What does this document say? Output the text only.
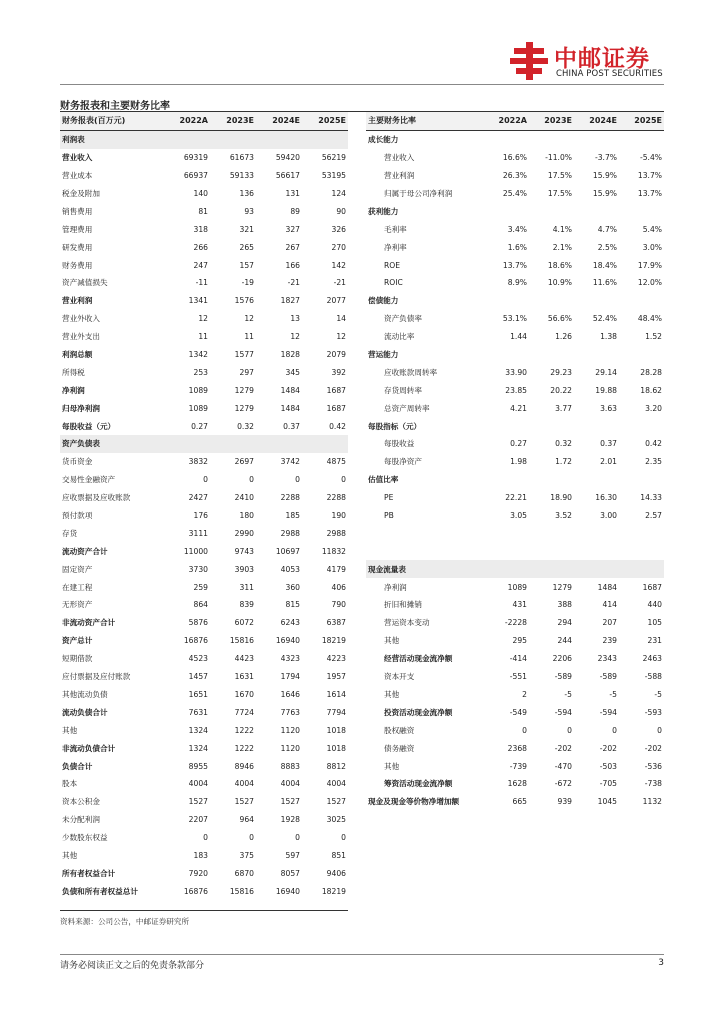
中邮证券
CHINA POST SECURITIES
财务报表和主要财务比率
财务报表(百万元)	2022A	2023E	2024E	2025E
利润表				
营业收入	69319	61673	59420	56219
营业成本	66937	59133	56617	53195
税金及附加	140	136	131	124
销售费用	81	93	89	90
管理费用	318	321	327	326
研发费用	266	265	267	270
财务费用	247	157	166	142
资产减值损失	-11	-19	-21	-21
营业利润	1341	1576	1827	2077
营业外收入	12	12	13	14
营业外支出	11	11	12	12
利润总额	1342	1577	1828	2079
所得税	253	297	345	392
净利润	1089	1279	1484	1687
归母净利润	1089	1279	1484	1687
每股收益（元）	0.27	0.32	0.37	0.42
资产负债表				
货币资金	3832	2697	3742	4875
交易性金融资产	0	0	0	0
应收票据及应收账款	2427	2410	2288	2288
预付款项	176	180	185	190
存货	3111	2990	2988	2988
流动资产合计	11000	9743	10697	11832
固定资产	3730	3903	4053	4179
在建工程	259	311	360	406
无形资产	864	839	815	790
非流动资产合计	5876	6072	6243	6387
资产总计	16876	15816	16940	18219
短期借款	4523	4423	4323	4223
应付票据及应付账款	1457	1631	1794	1957
其他流动负债	1651	1670	1646	1614
流动负债合计	7631	7724	7763	7794
其他	1324	1222	1120	1018
非流动负债合计	1324	1222	1120	1018
负债合计	8955	8946	8883	8812
股本	4004	4004	4004	4004
资本公积金	1527	1527	1527	1527
未分配利润	2207	964	1928	3025
少数股东权益	0	0	0	0
其他	183	375	597	851
所有者权益合计	7920	6870	8057	9406
负债和所有者权益总计	16876	15816	16940	18219
主要财务比率	2022A	2023E	2024E	2025E
成长能力				
营业收入	16.6%	-11.0%	-3.7%	-5.4%
营业利润	26.3%	17.5%	15.9%	13.7%
归属于母公司净利润	25.4%	17.5%	15.9%	13.7%
获利能力				
毛利率	3.4%	4.1%	4.7%	5.4%
净利率	1.6%	2.1%	2.5%	3.0%
ROE	13.7%	18.6%	18.4%	17.9%
ROIC	8.9%	10.9%	11.6%	12.0%
偿债能力				
资产负债率	53.1%	56.6%	52.4%	48.4%
流动比率	1.44	1.26	1.38	1.52
营运能力				
应收账款周转率	33.90	29.23	29.14	28.28
存货周转率	23.85	20.22	19.88	18.62
总资产周转率	4.21	3.77	3.63	3.20
每股指标（元）				
每股收益	0.27	0.32	0.37	0.42
每股净资产	1.98	1.72	2.01	2.35
估值比率				
PE	22.21	18.90	16.30	14.33
PB	3.05	3.52	3.00	2.57

现金流量表				
净利润	1089	1279	1484	1687
折旧和摊销	431	388	414	440
营运资本变动	-2228	294	207	105
其他	295	244	239	231
经营活动现金流净额	-414	2206	2343	2463
资本开支	-551	-589	-589	-588
其他	2	-5	-5	-5
投资活动现金流净额	-549	-594	-594	-593
股权融资	0	0	0	0
债务融资	2368	-202	-202	-202
其他	-739	-470	-503	-536
筹资活动现金流净额	1628	-672	-705	-738
现金及现金等价物净增加额	665	939	1045	1132
资料来源：公司公告，中邮证券研究所
请务必阅读正文之后的免责条款部分	3
